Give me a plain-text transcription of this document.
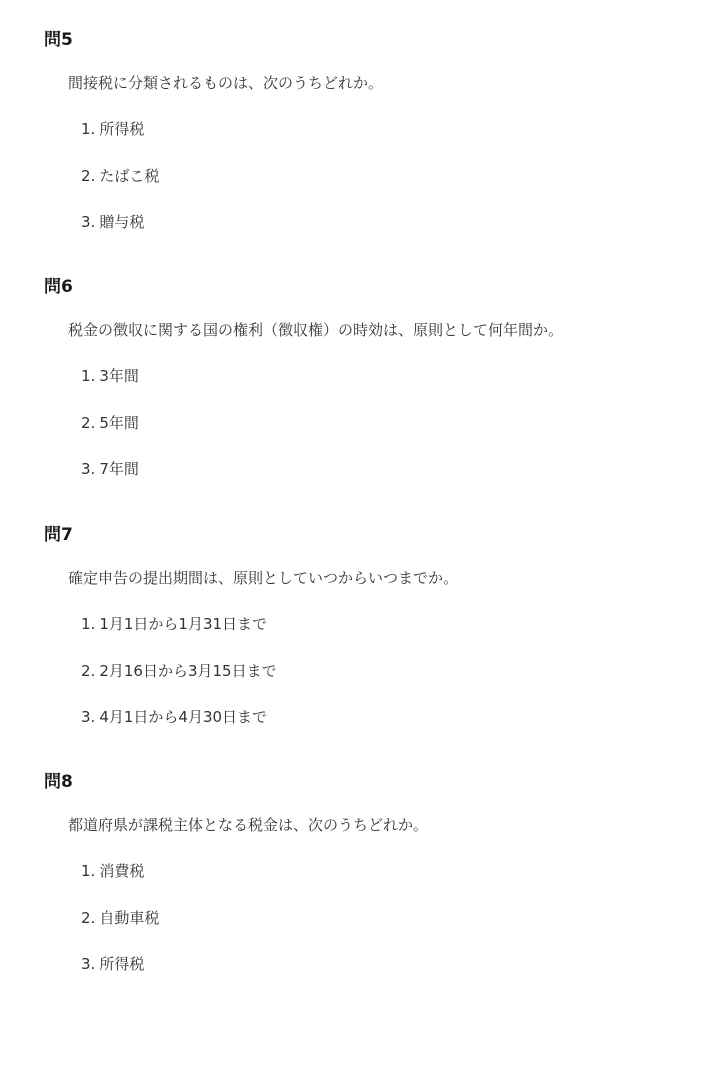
問5
間接税に分類されるものは、次のうちどれか。
1. 所得税
2. たばこ税
3. 贈与税
問6
税金の徴収に関する国の権利（徴収権）の時効は、原則として何年間か。
1. 3年間
2. 5年間
3. 7年間
問7
確定申告の提出期間は、原則としていつからいつまでか。
1. 1月1日から1月31日まで
2. 2月16日から3月15日まで
3. 4月1日から4月30日まで
問8
都道府県が課税主体となる税金は、次のうちどれか。
1. 消費税
2. 自動車税
3. 所得税
